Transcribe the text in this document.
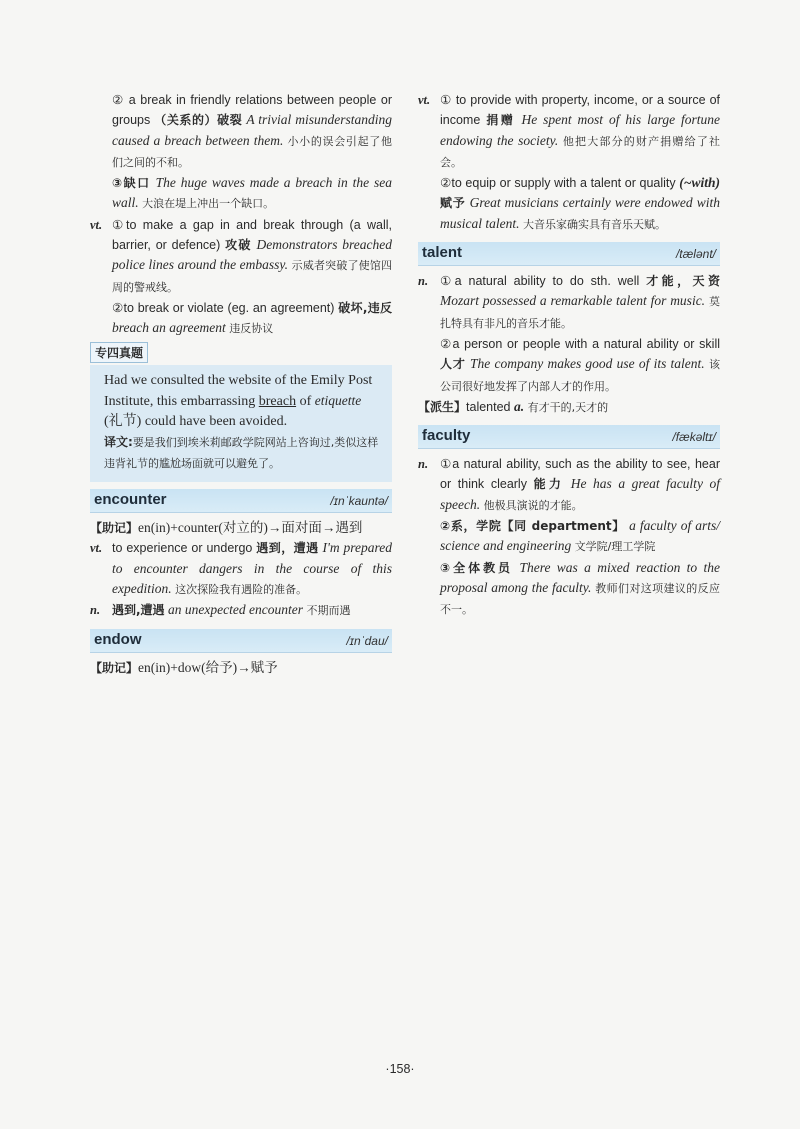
② a break in friendly relations between people or groups （关系的）破裂 A trivial misunderstanding caused a breach between them. 小小的误会引起了他们之间的不和。
③缺口 The huge waves made a breach in the sea wall. 大浪在堤上冲出一个缺口。
vt. ①to make a gap in and break through (a wall, barrier, or defence) 攻破 Demonstrators breached police lines around the embassy. 示威者突破了使馆四周的警戒线。
②to break or violate (eg. an agreement) 破坏,违反 breach an agreement 违反协议
专四真题
Had we consulted the website of the Emily Post Institute, this embarrassing breach of etiquette (礼节) could have been avoided.
译文:要是我们到埃米莉邮政学院网站上咨询过,类似这样违背礼节的尴尬场面就可以避免了。
encounter	/ɪnˈkauntə/
【助记】en(in)+counter(对立的)→面对面→遇到
vt. to experience or undergo 遇到，遭遇 I'm prepared to encounter dangers in the course of this expedition. 这次探险我有遇险的准备。
n. 遇到,遭遇 an unexpected encounter 不期而遇
endow	/ɪnˈdau/
【助记】en(in)+dow(给予)→赋予
vt. ① to provide with property, income, or a source of income 捐赠 He spent most of his large fortune endowing the society. 他把大部分的财产捐赠给了社会。
②to equip or supply with a talent or quality (~with) 赋予 Great musicians certainly were endowed with musical talent. 大音乐家确实具有音乐天赋。
talent	/tælənt/
n. ①a natural ability to do sth. well 才能，天资 Mozart possessed a remarkable talent for music. 莫扎特具有非凡的音乐才能。
②a person or people with a natural ability or skill 人才 The company makes good use of its talent. 该公司很好地发挥了内部人才的作用。
【派生】talented a. 有才干的,天才的
faculty	/fækəltɪ/
n. ①a natural ability, such as the ability to see, hear or think clearly 能力 He has a great faculty of speech. 他极具演说的才能。
②系，学院【同 department】 a faculty of arts/ science and engineering 文学院/理工学院
③全体教员 There was a mixed reaction to the proposal among the faculty. 教师们对这项建议的反应不一。
·158·
